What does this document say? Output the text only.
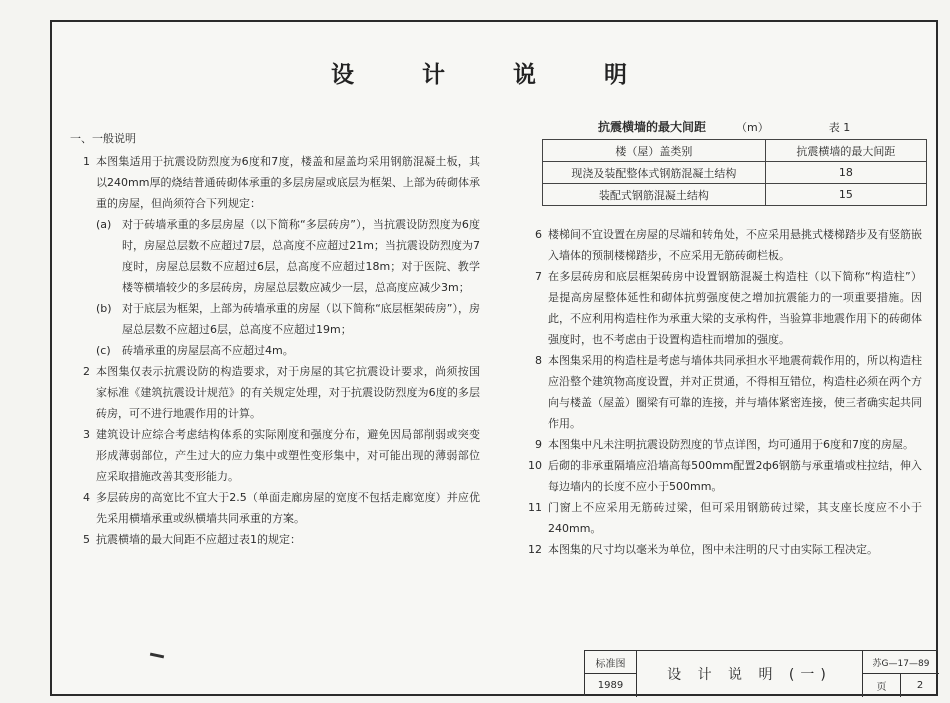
设 计 说 明
一、一般说明
1 本图集适用于抗震设防烈度为6度和7度，楼盖和屋盖均采用钢筋混凝土板，其以240mm厚的烧结普通砖砌体承重的多层房屋或底层为框架、上部为砖砌体承重的房屋，但尚须符合下列规定：
(a) 对于砖墙承重的多层房屋（以下简称“多层砖房”），当抗震设防烈度为6度时，房屋总层数不应超过7层，总高度不应超过21m；当抗震设防烈度为7度时，房屋总层数不应超过6层，总高度不应超过18m；对于医院、教学楼等横墙较少的多层砖房，房屋总层数应减少一层，总高度应减少3m；
(b) 对于底层为框架，上部为砖墙承重的房屋（以下简称“底层框架砖房”），房屋总层数不应超过6层，总高度不应超过19m；
(c)	砖墙承重的房屋层高不应超过4m。
2 本图集仅表示抗震设防的构造要求，对于房屋的其它抗震设计要求，尚须按国家标准《建筑抗震设计规范》的有关规定处理，对于抗震设防烈度为6度的多层砖房，可不进行地震作用的计算。
3 建筑设计应综合考虑结构体系的实际刚度和强度分布，避免因局部削弱或突变形成薄弱部位，产生过大的应力集中或塑性变形集中，对可能出现的薄弱部位应采取措施改善其变形能力。
4 多层砖房的高宽比不宜大于2.5（单面走廊房屋的宽度不包括走廊宽度）并应优先采用横墙承重或纵横墙共同承重的方案。
5 抗震横墙的最大间距不应超过表1的规定：
抗震横墙的最大间距	（m）	表 1
楼（屋）盖类别	抗震横墙的最大间距
现浇及装配整体式钢筋混凝土结构	18
装配式钢筋混凝土结构	15
6 楼梯间不宜设置在房屋的尽端和转角处，不应采用悬挑式楼梯踏步及有竖筋嵌入墙体的预制楼梯踏步，不应采用无筋砖砌栏板。
7 在多层砖房和底层框架砖房中设置钢筋混凝土构造柱（以下简称“构造柱”）是提高房屋整体延性和砌体抗剪强度使之增加抗震能力的一项重要措施。因此，不应利用构造柱作为承重大梁的支承构件，当验算非地震作用下的砖砌体强度时，也不考虑由于设置构造柱而增加的强度。
8 本图集采用的构造柱是考虑与墙体共同承担水平地震荷载作用的，所以构造柱应沿整个建筑物高度设置，并对正贯通，不得相互错位，构造柱必须在两个方向与楼盖（屋盖）圈梁有可靠的连接，并与墙体紧密连接，使三者确实起共同作用。
9 本图集中凡未注明抗震设防烈度的节点详图，均可通用于6度和7度的房屋。
10 后砌的非承重隔墙应沿墙高每500mm配置2ф6钢筋与承重墙或柱拉结，伸入每边墙内的长度不应小于500mm。
11 门窗上不应采用无筋砖过梁，但可采用钢筋砖过梁，其支座长度应不小于240mm。
12 本图集的尺寸均以毫米为单位，图中未注明的尺寸由实际工程决定。
标准图
1989
设 计 说 明 (一)
苏G—17—89
页	2
